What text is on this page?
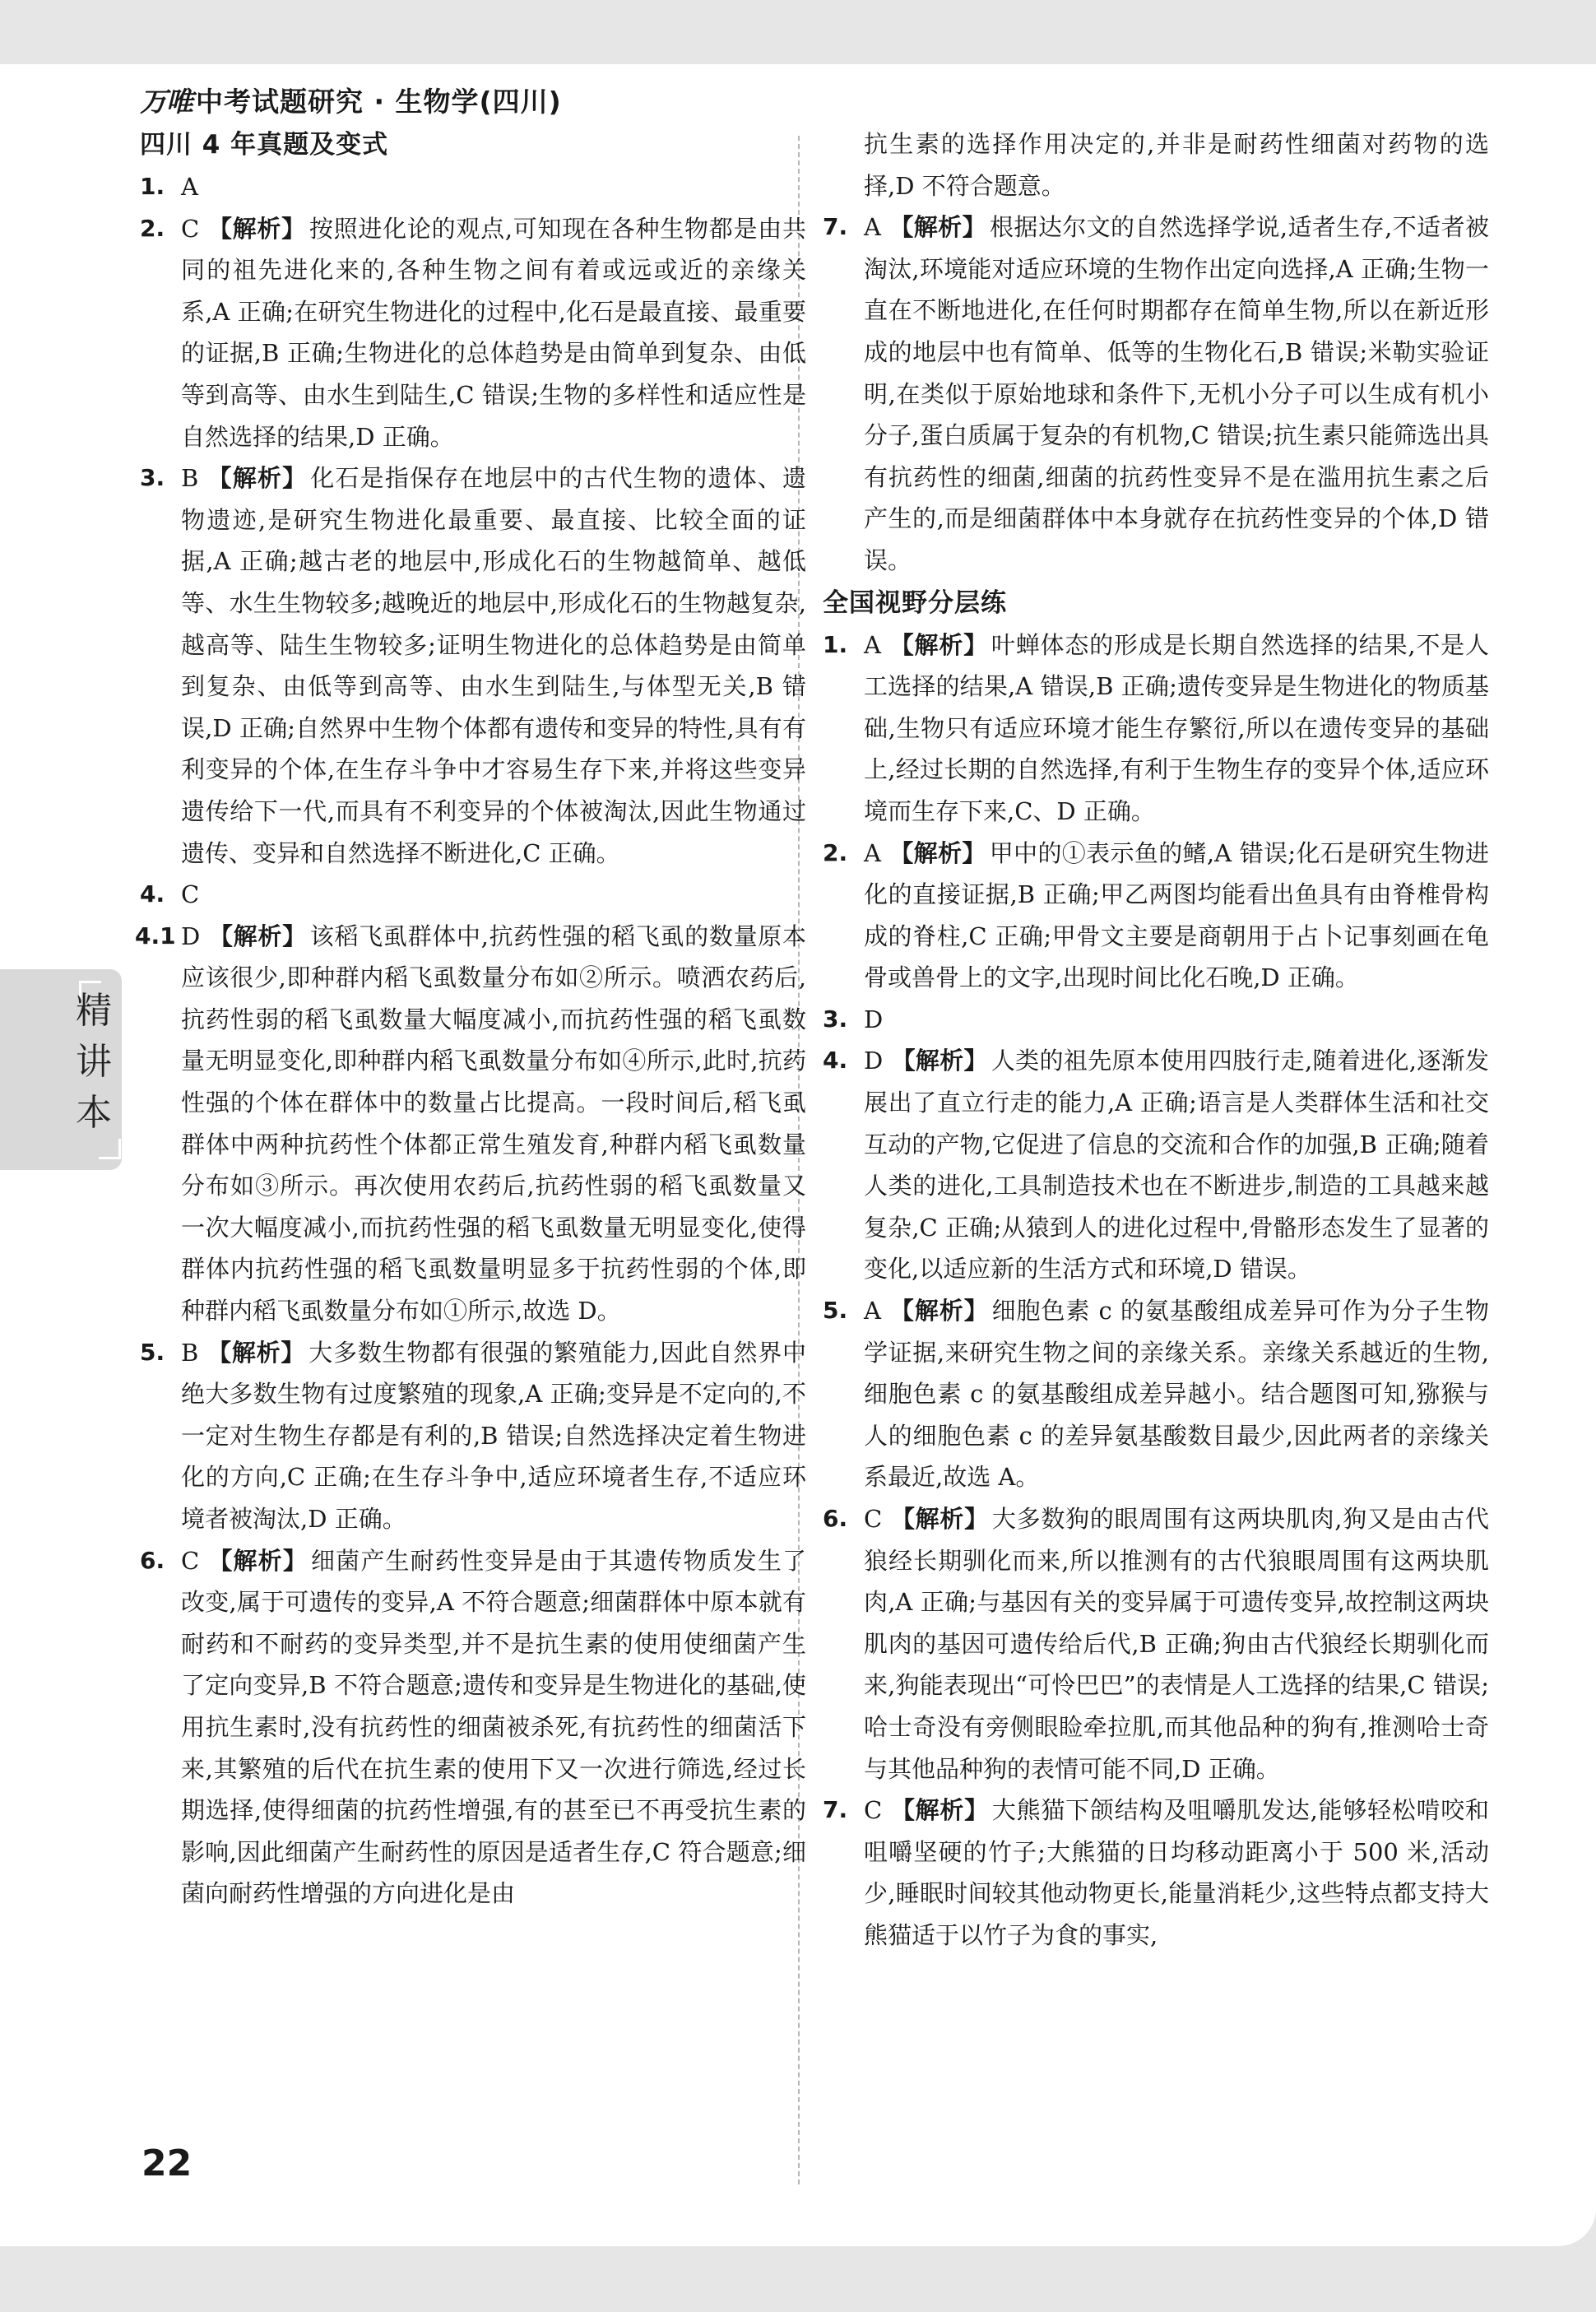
万唯 中考试题研究 · 生物学(四川)
精讲本
四川 4 年真题及变式
1. A
2. C 【解析】 按照进化论的观点,可知现在各种生物都是由共同的祖先进化来的,各种生物之间有着或远或近的亲缘关系,A 正确;在研究生物进化的过程中,化石是最直接、最重要的证据,B 正确;生物进化的总体趋势是由简单到复杂、由低等到高等、由水生到陆生,C 错误;生物的多样性和适应性是自然选择的结果,D 正确。
3. B 【解析】 化石是指保存在地层中的古代生物的遗体、遗物遗迹,是研究生物进化最重要、最直接、比较全面的证据,A 正确;越古老的地层中,形成化石的生物越简单、越低等、水生生物较多;越晚近的地层中,形成化石的生物越复杂,越高等、陆生生物较多;证明生物进化的总体趋势是由简单到复杂、由低等到高等、由水生到陆生,与体型无关,B 错误,D 正确;自然界中生物个体都有遗传和变异的特性,具有有利变异的个体,在生存斗争中才容易生存下来,并将这些变异遗传给下一代,而具有不利变异的个体被淘汰,因此生物通过遗传、变异和自然选择不断进化,C 正确。
4. C
4.1 D 【解析】 该稻飞虱群体中,抗药性强的稻飞虱的数量原本应该很少,即种群内稻飞虱数量分布如②所示。喷洒农药后,抗药性弱的稻飞虱数量大幅度减小,而抗药性强的稻飞虱数量无明显变化,即种群内稻飞虱数量分布如④所示,此时,抗药性强的个体在群体中的数量占比提高。一段时间后,稻飞虱群体中两种抗药性个体都正常生殖发育,种群内稻飞虱数量分布如③所示。再次使用农药后,抗药性弱的稻飞虱数量又一次大幅度减小,而抗药性强的稻飞虱数量无明显变化,使得群体内抗药性强的稻飞虱数量明显多于抗药性弱的个体,即种群内稻飞虱数量分布如①所示,故选 D。
5. B 【解析】 大多数生物都有很强的繁殖能力,因此自然界中绝大多数生物有过度繁殖的现象,A 正确;变异是不定向的,不一定对生物生存都是有利的,B 错误;自然选择决定着生物进化的方向,C 正确;在生存斗争中,适应环境者生存,不适应环境者被淘汰,D 正确。
6. C 【解析】 细菌产生耐药性变异是由于其遗传物质发生了改变,属于可遗传的变异,A 不符合题意;细菌群体中原本就有耐药和不耐药的变异类型,并不是抗生素的使用使细菌产生了定向变异,B 不符合题意;遗传和变异是生物进化的基础,使用抗生素时,没有抗药性的细菌被杀死,有抗药性的细菌活下来,其繁殖的后代在抗生素的使用下又一次进行筛选,经过长期选择,使得细菌的抗药性增强,有的甚至已不再受抗生素的影响,因此细菌产生耐药性的原因是适者生存,C 符合题意;细菌向耐药性增强的方向进化是由
抗生素的选择作用决定的,并非是耐药性细菌对药物的选择,D 不符合题意。
7. A 【解析】 根据达尔文的自然选择学说,适者生存,不适者被淘汰,环境能对适应环境的生物作出定向选择,A 正确;生物一直在不断地进化,在任何时期都存在简单生物,所以在新近形成的地层中也有简单、低等的生物化石,B 错误;米勒实验证明,在类似于原始地球和条件下,无机小分子可以生成有机小分子,蛋白质属于复杂的有机物,C 错误;抗生素只能筛选出具有抗药性的细菌,细菌的抗药性变异不是在滥用抗生素之后产生的,而是细菌群体中本身就存在抗药性变异的个体,D 错误。
全国视野分层练
1. A 【解析】 叶蝉体态的形成是长期自然选择的结果,不是人工选择的结果,A 错误,B 正确;遗传变异是生物进化的物质基础,生物只有适应环境才能生存繁衍,所以在遗传变异的基础上,经过长期的自然选择,有利于生物生存的变异个体,适应环境而生存下来,C、D 正确。
2. A 【解析】 甲中的①表示鱼的鳍,A 错误;化石是研究生物进化的直接证据,B 正确;甲乙两图均能看出鱼具有由脊椎骨构成的脊柱,C 正确;甲骨文主要是商朝用于占卜记事刻画在龟骨或兽骨上的文字,出现时间比化石晚,D 正确。
3. D
4. D 【解析】 人类的祖先原本使用四肢行走,随着进化,逐渐发展出了直立行走的能力,A 正确;语言是人类群体生活和社交互动的产物,它促进了信息的交流和合作的加强,B 正确;随着人类的进化,工具制造技术也在不断进步,制造的工具越来越复杂,C 正确;从猿到人的进化过程中,骨骼形态发生了显著的变化,以适应新的生活方式和环境,D 错误。
5. A 【解析】 细胞色素 c 的氨基酸组成差异可作为分子生物学证据,来研究生物之间的亲缘关系。亲缘关系越近的生物,细胞色素 c 的氨基酸组成差异越小。结合题图可知,猕猴与人的细胞色素 c 的差异氨基酸数目最少,因此两者的亲缘关系最近,故选 A。
6. C 【解析】 大多数狗的眼周围有这两块肌肉,狗又是由古代狼经长期驯化而来,所以推测有的古代狼眼周围有这两块肌肉,A 正确;与基因有关的变异属于可遗传变异,故控制这两块肌肉的基因可遗传给后代,B 正确;狗由古代狼经长期驯化而来,狗能表现出“可怜巴巴”的表情是人工选择的结果,C 错误;哈士奇没有旁侧眼睑牵拉肌,而其他品种的狗有,推测哈士奇与其他品种狗的表情可能不同,D 正确。
7. C 【解析】 大熊猫下颌结构及咀嚼肌发达,能够轻松啃咬和咀嚼坚硬的竹子;大熊猫的日均移动距离小于 500 米,活动少,睡眠时间较其他动物更长,能量消耗少,这些特点都支持大熊猫适于以竹子为食的事实,
22
